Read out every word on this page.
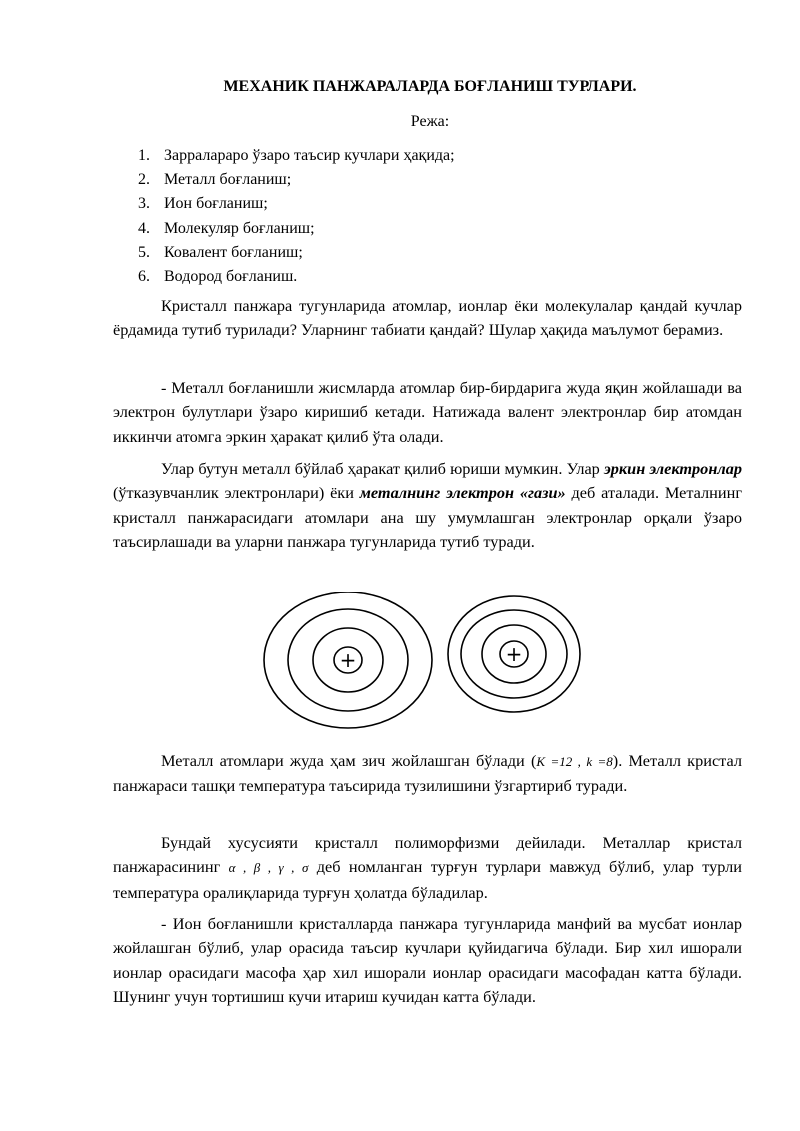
МЕХАНИК ПАНЖАРАЛАРДА БОҒЛАНИШ ТУРЛАРИ.
Режа:
1. Зарралараро ўзаро таъсир кучлари ҳақида;
2. Металл боғланиш;
3. Ион боғланиш;
4. Молекуляр боғланиш;
5. Ковалент боғланиш;
6. Водород боғланиш.

Кристалл панжара тугунларида атомлар, ионлар ёки молекулалар қандай кучлар ёрдамида тутиб турилади? Уларнинг табиати қандай? Шулар ҳақида маълумот берамиз.

- Металл боғланишли жисмларда атомлар бир-бирдарига жуда яқин жойлашади ва электрон булутлари ўзаро киришиб кетади. Натижада валент электронлар бир атомдан иккинчи атомга эркин ҳаракат қилиб ўта олади.

Улар бутун металл бўйлаб ҳаракат қилиб юриши мумкин. Улар эркин электронлар (ўтказувчанлик электронлари) ёки металнинг электрон «гази» деб аталади. Металнинг кристалл панжарасидаги атомлари ана шу умумлашган электронлар орқали ўзаро таъсирлашади ва уларни панжара тугунларида тутиб туради.

+	+

Металл атомлари жуда ҳам зич жойлашган бўлади (K =12 , k =8). Металл кристал панжараси ташқи температура таъсирида тузилишини ўзгартириб туради.

Бундай хусусияти кристалл полиморфизми дейилади. Металлар кристал панжарасининг α , β , γ , σ деб номланган турғун турлари мавжуд бўлиб, улар турли температура оралиқларида турғун ҳолатда бўладилар.

- Ион боғланишли кристалларда панжара тугунларида манфий ва мусбат ионлар жойлашган бўлиб, улар орасида таъсир кучлари қуйидагича бўлади. Бир хил ишорали ионлар орасидаги масофа ҳар хил ишорали ионлар орасидаги масофадан катта бўлади. Шунинг учун тортишиш кучи итариш кучидан катта бўлади.
